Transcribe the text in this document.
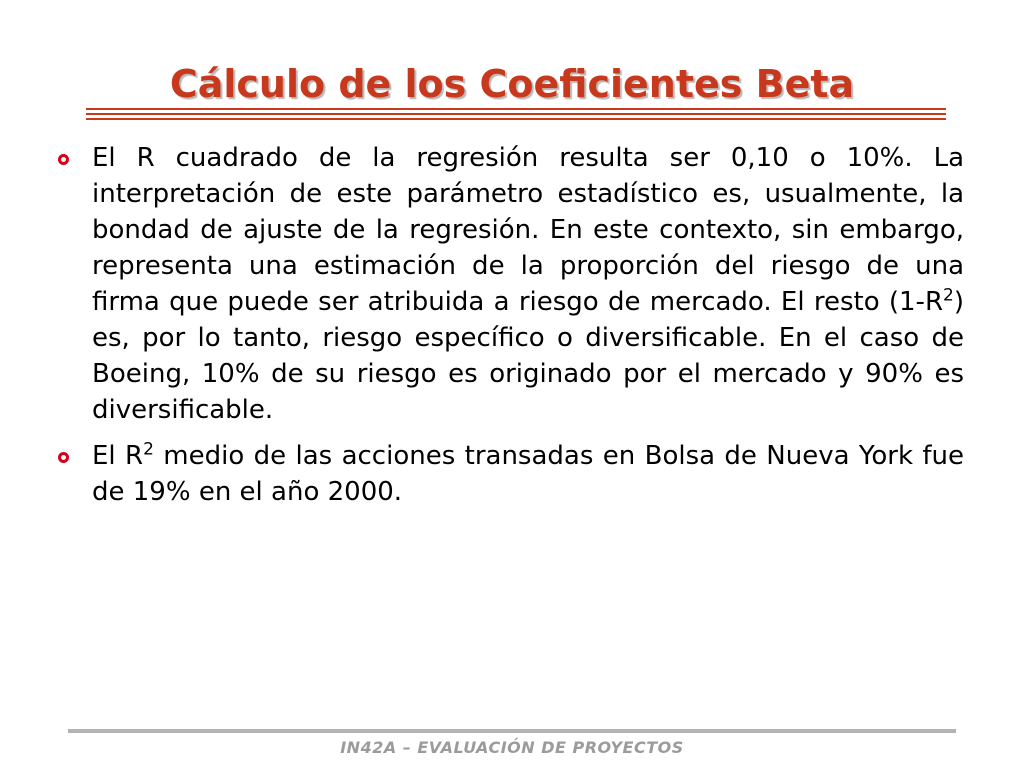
Cálculo de los Coeficientes Beta
El R cuadrado de la regresión resulta ser 0,10 o 10%. La interpretación de este parámetro estadístico es, usualmente, la bondad de ajuste de la regresión. En este contexto, sin embargo, representa una estimación de la proporción del riesgo de una firma que puede ser atribuida a riesgo de mercado. El resto $(1-R^2)$ es, por lo tanto, riesgo específico o diversificable. En el caso de Boeing, 10% de su riesgo es originado por el mercado y 90% es diversificable.
El $R^2$ medio de las acciones transadas en Bolsa de Nueva York fue de 19% en el año 2000.
IN42A – EVALUACIÓN DE PROYECTOS
